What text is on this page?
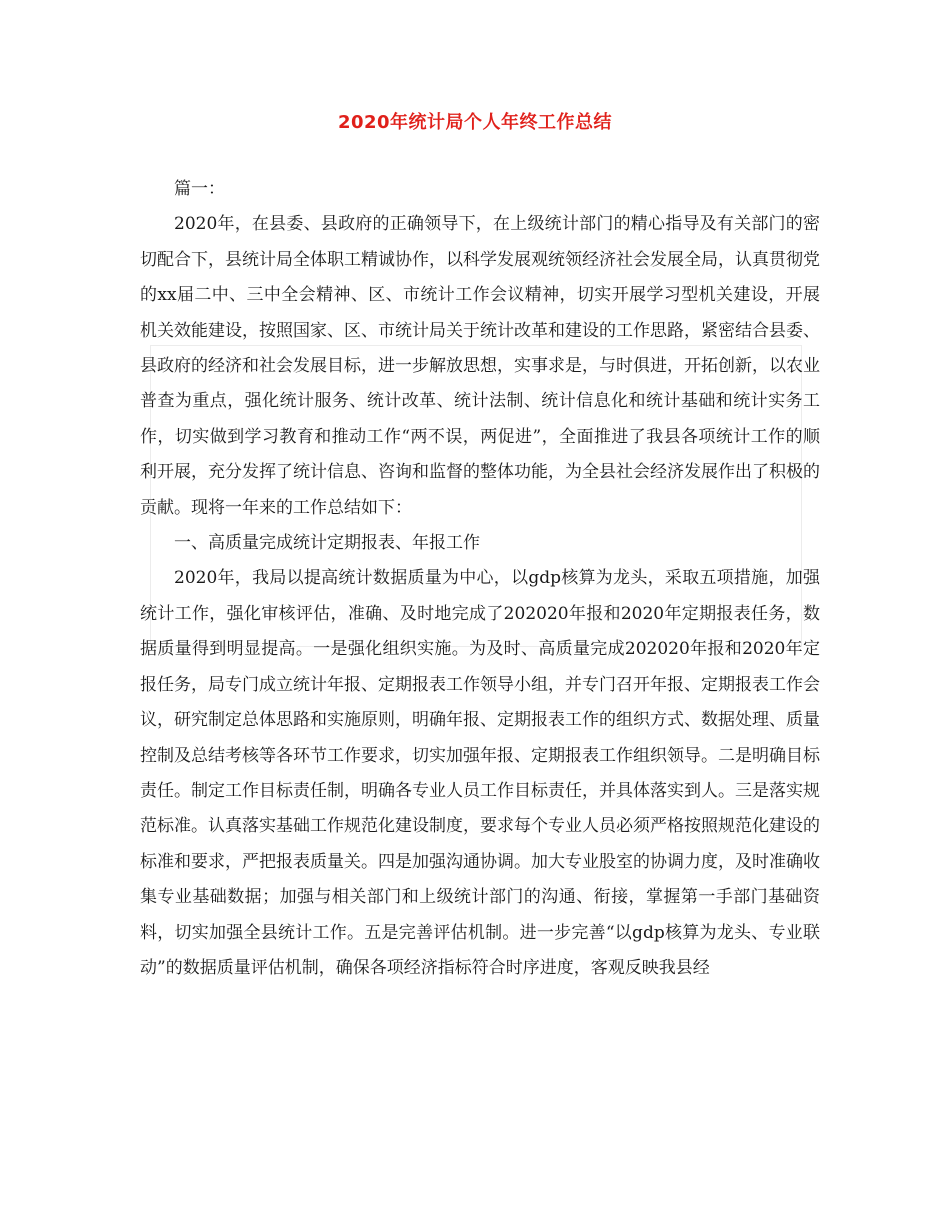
2020年统计局个人年终工作总结

篇一：

2020年，在县委、县政府的正确领导下，在上级统计部门的精心指导及有关部门的密切配合下，县统计局全体职工精诚协作，以科学发展观统领经济社会发展全局，认真贯彻党的xx届二中、三中全会精神、区、市统计工作会议精神，切实开展学习型机关建设，开展机关效能建设，按照国家、区、市统计局关于统计改革和建设的工作思路，紧密结合县委、县政府的经济和社会发展目标，进一步解放思想，实事求是，与时俱进，开拓创新，以农业普查为重点，强化统计服务、统计改革、统计法制、统计信息化和统计基础和统计实务工作，切实做到学习教育和推动工作“两不误，两促进”，全面推进了我县各项统计工作的顺利开展，充分发挥了统计信息、咨询和监督的整体功能，为全县社会经济发展作出了积极的贡献。现将一年来的工作总结如下：

一、高质量完成统计定期报表、年报工作

2020年，我局以提高统计数据质量为中心，以gdp核算为龙头，采取五项措施，加强统计工作，强化审核评估，准确、及时地完成了202020年报和2020年定期报表任务，数据质量得到明显提高。一是强化组织实施。为及时、高质量完成202020年报和2020年定报任务，局专门成立统计年报、定期报表工作领导小组，并专门召开年报、定期报表工作会议，研究制定总体思路和实施原则，明确年报、定期报表工作的组织方式、数据处理、质量控制及总结考核等各环节工作要求，切实加强年报、定期报表工作组织领导。二是明确目标责任。制定工作目标责任制，明确各专业人员工作目标责任，并具体落实到人。三是落实规范标准。认真落实基础工作规范化建设制度，要求每个专业人员必须严格按照规范化建设的标准和要求，严把报表质量关。四是加强沟通协调。加大专业股室的协调力度，及时准确收集专业基础数据；加强与相关部门和上级统计部门的沟通、衔接，掌握第一手部门基础资料，切实加强全县统计工作。五是完善评估机制。进一步完善“以gdp核算为龙头、专业联动”的数据质量评估机制，确保各项经济指标符合时序进度，客观反映我县经
